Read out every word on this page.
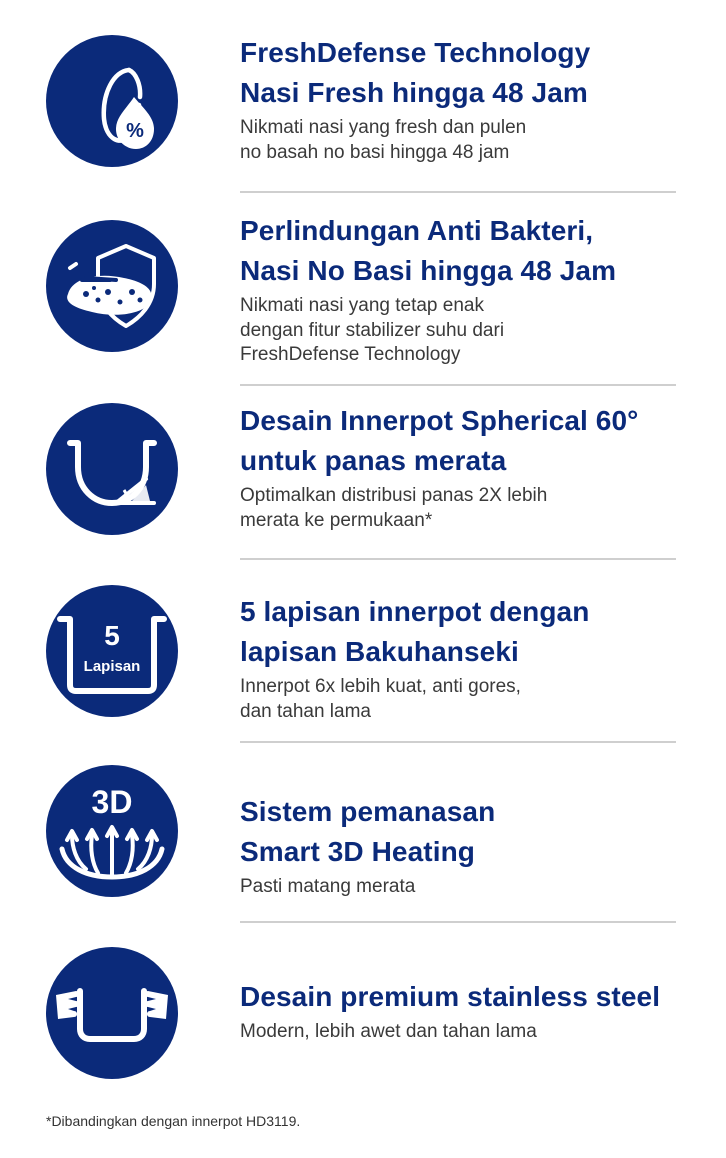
%
FreshDefense Technology
Nasi Fresh hingga 48 Jam
Nikmati nasi yang fresh dan pulen
no basah no basi hingga 48 jam
Perlindungan Anti Bakteri,
Nasi No Basi hingga 48 Jam
Nikmati nasi yang tetap enak
dengan fitur stabilizer suhu dari
FreshDefense Technology
Desain Innerpot Spherical 60°
untuk panas merata
Optimalkan distribusi panas 2X lebih
merata ke permukaan*
5
Lapisan
5 lapisan innerpot dengan
lapisan Bakuhanseki
Innerpot 6x lebih kuat, anti gores,
dan tahan lama
3D	Sistem pemanasan
Smart 3D Heating
Pasti matang merata
Desain premium stainless steel
Modern, lebih awet dan tahan lama
*Dibandingkan dengan innerpot HD3119.
